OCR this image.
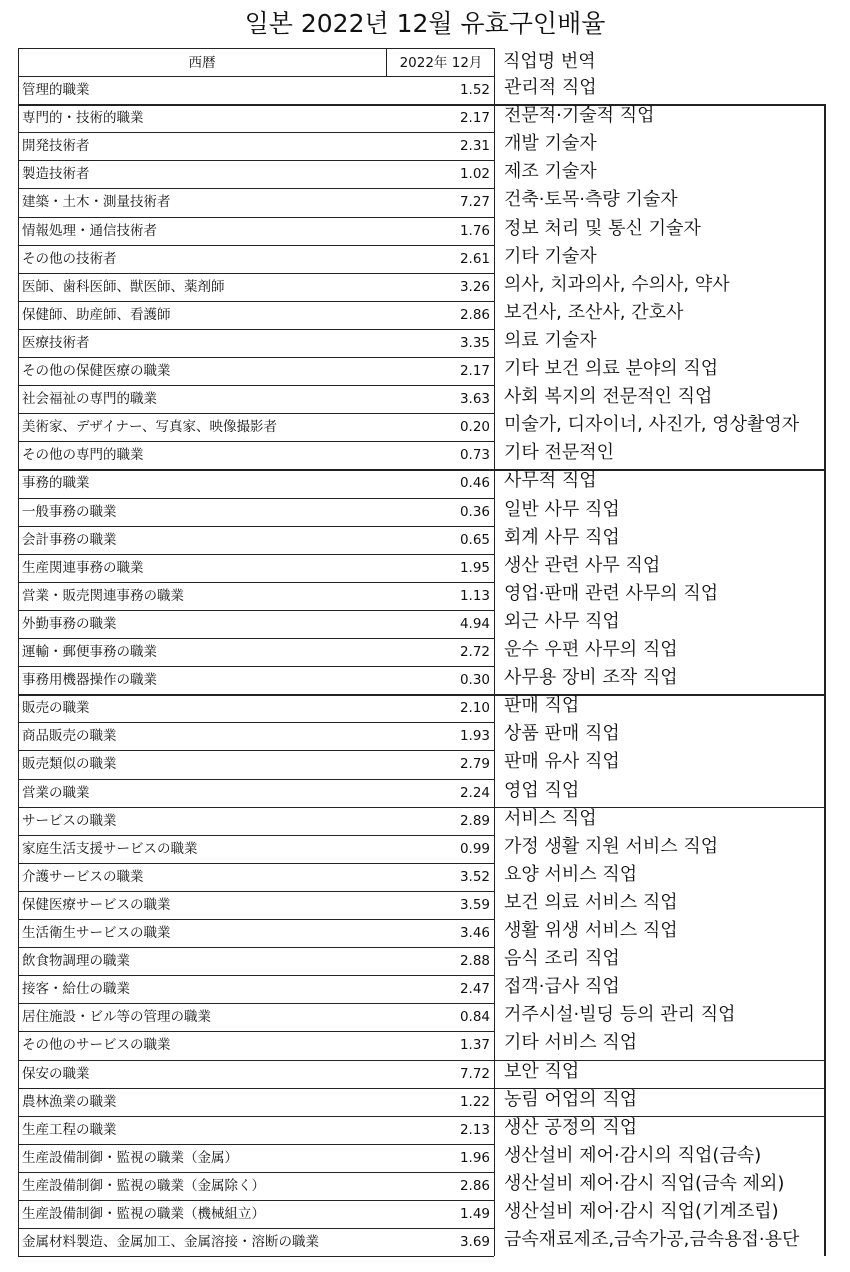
일본 2022년 12월 유효구인배율
西暦	2022年 12月	직업명 번역
管理的職業	1.52 관리적 직업
専門的・技術的職業	2.17 전문적·기술적 직업
開発技術者	2.31 개발 기술자
製造技術者	1.02 제조 기술자
建築・土木・測量技術者	7.27 건축·토목·측량 기술자
情報処理・通信技術者	1.76 정보 처리 및 통신 기술자
その他の技術者	2.61 기타 기술자
医師、歯科医師、獣医師、薬剤師	3.26 의사, 치과의사, 수의사, 약사
保健師、助産師、看護師	2.86 보건사, 조산사, 간호사
医療技術者	3.35 의료 기술자
その他の保健医療の職業	2.17 기타 보건 의료 분야의 직업
社会福祉の専門的職業	3.63 사회 복지의 전문적인 직업
美術家、デザイナー、写真家、映像撮影者	0.20 미술가, 디자이너, 사진가, 영상촬영자
その他の専門的職業	0.73 기타 전문적인
事務的職業	0.46 사무적 직업
一般事務の職業	0.36 일반 사무 직업
会計事務の職業	0.65 회계 사무 직업
生産関連事務の職業	1.95 생산 관련 사무 직업
営業・販売関連事務の職業	1.13 영업·판매 관련 사무의 직업
外勤事務の職業	4.94 외근 사무 직업
運輸・郵便事務の職業	2.72 운수 우편 사무의 직업
事務用機器操作の職業	0.30 사무용 장비 조작 직업
販売の職業	2.10 판매 직업
商品販売の職業	1.93 상품 판매 직업
販売類似の職業	2.79 판매 유사 직업
営業の職業	2.24 영업 직업
サービスの職業	2.89 서비스 직업
家庭生活支援サービスの職業	0.99 가정 생활 지원 서비스 직업
介護サービスの職業	3.52 요양 서비스 직업
保健医療サービスの職業	3.59 보건 의료 서비스 직업
生活衛生サービスの職業	3.46 생활 위생 서비스 직업
飲食物調理の職業	2.88 음식 조리 직업
接客・給仕の職業	2.47 접객·급사 직업
居住施設・ビル等の管理の職業	0.84 거주시설·빌딩 등의 관리 직업
その他のサービスの職業	1.37 기타 서비스 직업
保安の職業	7.72 보안 직업
農林漁業の職業	1.22 농림 어업의 직업
生産工程の職業	2.13 생산 공정의 직업
生産設備制御・監視の職業（金属）	1.96 생산설비 제어·감시의 직업(금속)
生産設備制御・監視の職業（金属除く）	2.86 생산설비 제어·감시 직업(금속 제외)
生産設備制御・監視の職業（機械組立）	1.49 생산설비 제어·감시 직업(기계조립)
金属材料製造、金属加工、金属溶接・溶断の職業	3.69 금속재료제조,금속가공,금속용접·용단
